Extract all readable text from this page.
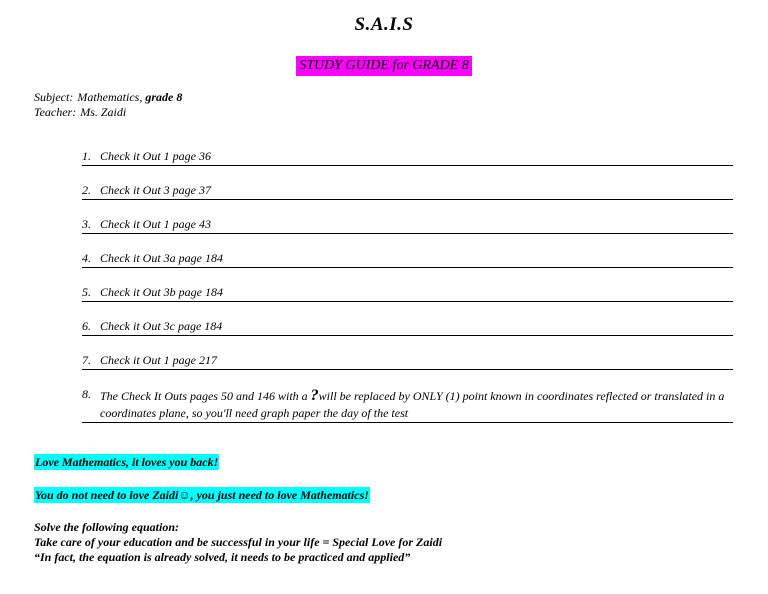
S.A.I.S
STUDY GUIDE for GRADE 8
Subject: Mathematics, grade 8
Teacher: Ms. Zaidi
1. Check it Out 1 page 36
2. Check it Out 3 page 37
3. Check it Out 1 page 43
4. Check it Out 3a page 184
5. Check it Out 3b page 184
6. Check it Out 3c page 184
7. Check it Out 1 page 217
8. The Check It Outs pages 50 and 146 with a ?will be replaced by ONLY (1) point known in coordinates reflected or translated in a coordinates plane, so you'll need graph paper the day of the test
Love Mathematics, it loves you back!
You do not need to love Zaidi☺, you just need to love Mathematics!
Solve the following equation:
Take care of your education and be successful in your life = Special Love for Zaidi
“In fact, the equation is already solved, it needs to be practiced and applied”
